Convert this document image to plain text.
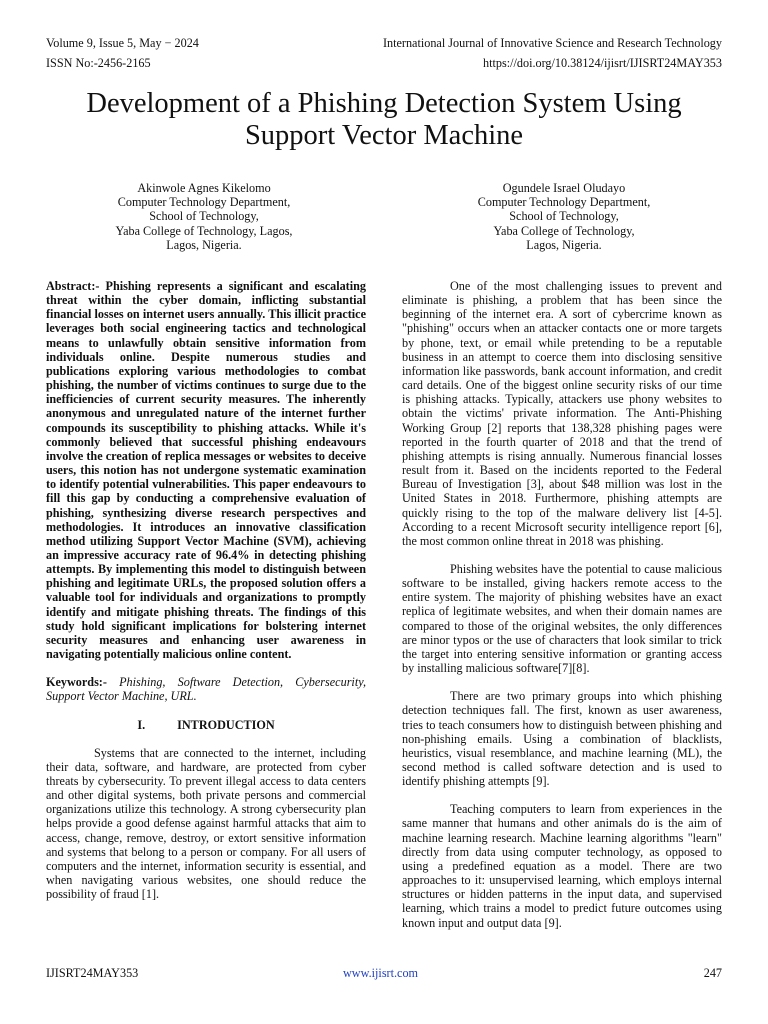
Volume 9, Issue 5, May − 2024	International Journal of Innovative Science and Research Technology
ISSN No:-2456-2165	https://doi.org/10.38124/ijisrt/IJISRT24MAY353
Development of a Phishing Detection System Using Support Vector Machine
Akinwole Agnes Kikelomo
Computer Technology Department,
School of Technology,
Yaba College of Technology, Lagos,
Lagos, Nigeria.
Ogundele Israel Oludayo
Computer Technology Department,
School of Technology,
Yaba College of Technology,
Lagos, Nigeria.

Abstract:- Phishing represents a significant and escalating threat within the cyber domain, inflicting substantial financial losses on internet users annually. This illicit practice leverages both social engineering tactics and technological means to unlawfully obtain sensitive information from individuals online. Despite numerous studies and publications exploring various methodologies to combat phishing, the number of victims continues to surge due to the inefficiencies of current security measures. The inherently anonymous and unregulated nature of the internet further compounds its susceptibility to phishing attacks. While it's commonly believed that successful phishing endeavours involve the creation of replica messages or websites to deceive users, this notion has not undergone systematic examination to identify potential vulnerabilities. This paper endeavours to fill this gap by conducting a comprehensive evaluation of phishing, synthesizing diverse research perspectives and methodologies. It introduces an innovative classification method utilizing Support Vector Machine (SVM), achieving an impressive accuracy rate of 96.4% in detecting phishing attempts. By implementing this model to distinguish between phishing and legitimate URLs, the proposed solution offers a valuable tool for individuals and organizations to promptly identify and mitigate phishing threats. The findings of this study hold significant implications for bolstering internet security measures and enhancing user awareness in navigating potentially malicious online content.

Keywords:- Phishing, Software Detection, Cybersecurity, Support Vector Machine, URL.

I.	INTRODUCTION

Systems that are connected to the internet, including their data, software, and hardware, are protected from cyber threats by cybersecurity. To prevent illegal access to data centers and other digital systems, both private persons and commercial organizations utilize this technology. A strong cybersecurity plan helps provide a good defense against harmful attacks that aim to access, change, remove, destroy, or extort sensitive information and systems that belong to a person or company. For all users of computers and the internet, information security is essential, and when navigating various websites, one should reduce the possibility of fraud [1].

One of the most challenging issues to prevent and eliminate is phishing, a problem that has been since the beginning of the internet era. A sort of cybercrime known as "phishing" occurs when an attacker contacts one or more targets by phone, text, or email while pretending to be a reputable business in an attempt to coerce them into disclosing sensitive information like passwords, bank account information, and credit card details. One of the biggest online security risks of our time is phishing attacks. Typically, attackers use phony websites to obtain the victims' private information. The Anti-Phishing Working Group [2] reports that 138,328 phishing pages were reported in the fourth quarter of 2018 and that the trend of phishing attempts is rising annually. Numerous financial losses result from it. Based on the incidents reported to the Federal Bureau of Investigation [3], about $48 million was lost in the United States in 2018. Furthermore, phishing attempts are quickly rising to the top of the malware delivery list [4-5]. According to a recent Microsoft security intelligence report [6], the most common online threat in 2018 was phishing.

Phishing websites have the potential to cause malicious software to be installed, giving hackers remote access to the entire system. The majority of phishing websites have an exact replica of legitimate websites, and when their domain names are compared to those of the original websites, the only differences are minor typos or the use of characters that look similar to trick the target into entering sensitive information or granting access by installing malicious software[7][8].

There are two primary groups into which phishing detection techniques fall. The first, known as user awareness, tries to teach consumers how to distinguish between phishing and non-phishing emails. Using a combination of blacklists, heuristics, visual resemblance, and machine learning (ML), the second method is called software detection and is used to identify phishing attempts [9].

Teaching computers to learn from experiences in the same manner that humans and other animals do is the aim of machine learning research. Machine learning algorithms "learn" directly from data using computer technology, as opposed to using a predefined equation as a model. There are two approaches to it: unsupervised learning, which employs internal structures or hidden patterns in the input data, and supervised learning, which trains a model to predict future outcomes using known input and output data [9].

IJISRT24MAY353	www.ijisrt.com	247
